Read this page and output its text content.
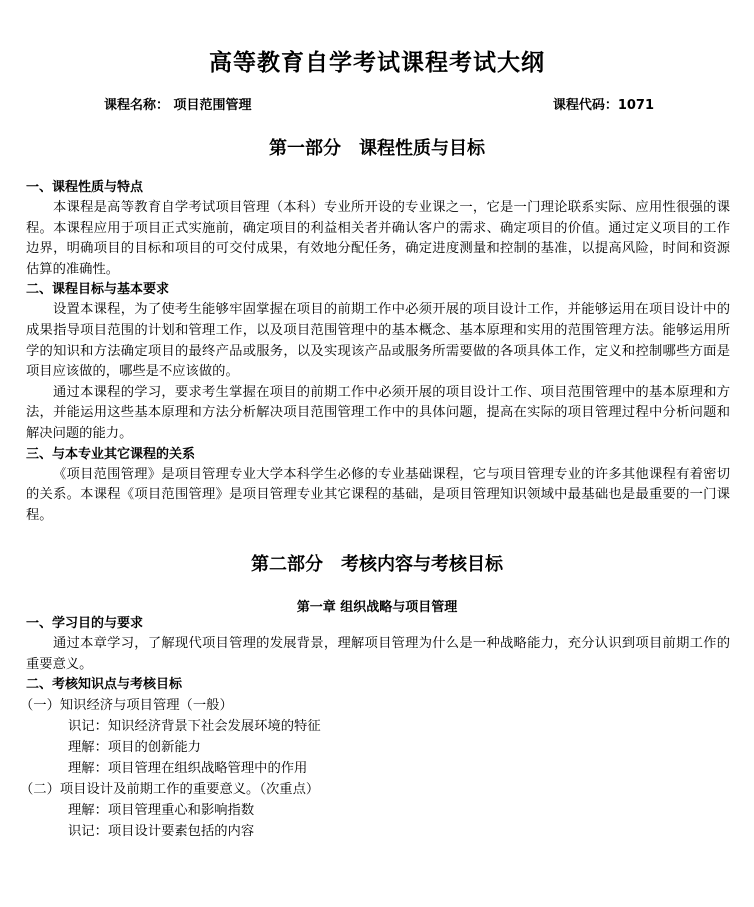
高等教育自学考试课程考试大纲
课程名称： 项目范围管理	课程代码：1071
第一部分 课程性质与目标
一、课程性质与特点
本课程是高等教育自学考试项目管理（本科）专业所开设的专业课之一，它是一门理论联系实际、应用性很强的课程。本课程应用于项目正式实施前，确定项目的利益相关者并确认客户的需求、确定项目的价值。通过定义项目的工作边界，明确项目的目标和项目的可交付成果，有效地分配任务，确定进度测量和控制的基准，以提高风险，时间和资源估算的准确性。
二、课程目标与基本要求
设置本课程，为了使考生能够牢固掌握在项目的前期工作中必须开展的项目设计工作，并能够运用在项目设计中的成果指导项目范围的计划和管理工作，以及项目范围管理中的基本概念、基本原理和实用的范围管理方法。能够运用所学的知识和方法确定项目的最终产品或服务，以及实现该产品或服务所需要做的各项具体工作，定义和控制哪些方面是项目应该做的，哪些是不应该做的。
通过本课程的学习，要求考生掌握在项目的前期工作中必须开展的项目设计工作、项目范围管理中的基本原理和方法，并能运用这些基本原理和方法分析解决项目范围管理工作中的具体问题，提高在实际的项目管理过程中分析问题和解决问题的能力。
三、与本专业其它课程的关系
《项目范围管理》是项目管理专业大学本科学生必修的专业基础课程，它与项目管理专业的许多其他课程有着密切的关系。本课程《项目范围管理》是项目管理专业其它课程的基础，是项目管理知识领域中最基础也是最重要的一门课程。
第二部分 考核内容与考核目标
第一章 组织战略与项目管理
一、学习目的与要求
通过本章学习，了解现代项目管理的发展背景，理解项目管理为什么是一种战略能力，充分认识到项目前期工作的重要意义。
二、考核知识点与考核目标
（一）知识经济与项目管理（一般）
识记：知识经济背景下社会发展环境的特征
理解：项目的创新能力
理解：项目管理在组织战略管理中的作用
（二）项目设计及前期工作的重要意义。（次重点）
理解：项目管理重心和影响指数
识记：项目设计要素包括的内容
